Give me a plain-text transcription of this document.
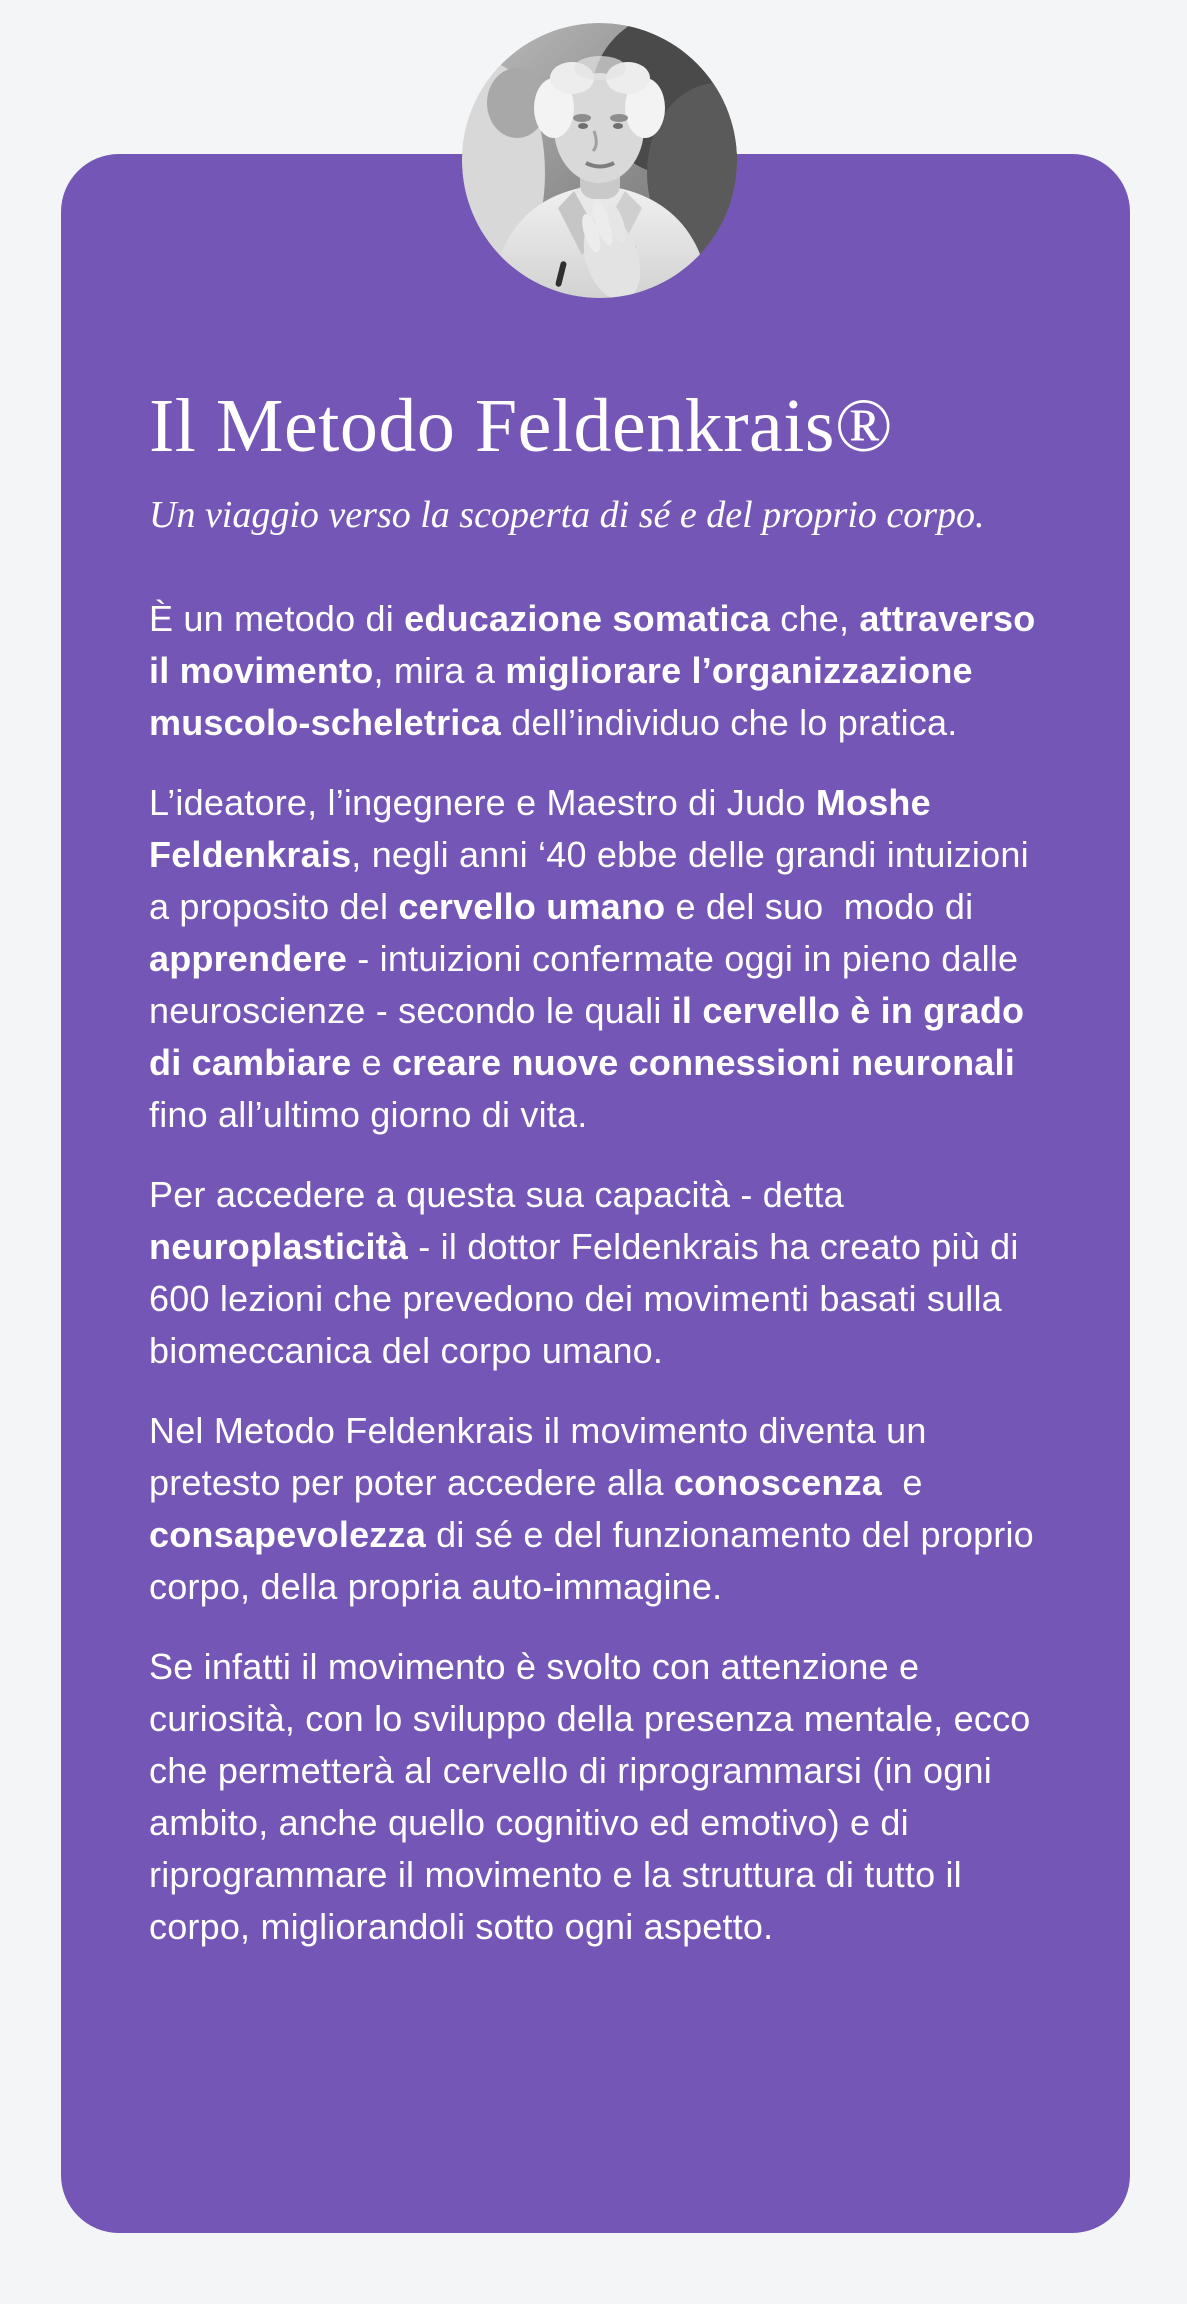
Il Metodo Feldenkrais®

Un viaggio verso la scoperta di sé e del proprio corpo.

È un metodo di educazione somatica che, attraverso il movimento, mira a migliorare l’organizzazione muscolo-scheletrica dell’individuo che lo pratica.

L’ideatore, l’ingegnere e Maestro di Judo Moshe Feldenkrais, negli anni ‘40 ebbe delle grandi intuizioni a proposito del cervello umano e del suo  modo di apprendere - intuizioni confermate oggi in pieno dalle neuroscienze - secondo le quali il cervello è in grado di cambiare e creare nuove connessioni neuronali fino all’ultimo giorno di vita.

Per accedere a questa sua capacità - detta neuroplasticità - il dottor Feldenkrais ha creato più di 600 lezioni che prevedono dei movimenti basati sulla biomeccanica del corpo umano.

Nel Metodo Feldenkrais il movimento diventa un pretesto per poter accedere alla conoscenza  e consapevolezza di sé e del funzionamento del proprio corpo, della propria auto-immagine.

Se infatti il movimento è svolto con attenzione e curiosità, con lo sviluppo della presenza mentale, ecco che permetterà al cervello di riprogrammarsi (in ogni ambito, anche quello cognitivo ed emotivo) e di riprogrammare il movimento e la struttura di tutto il corpo, migliorandoli sotto ogni aspetto.
